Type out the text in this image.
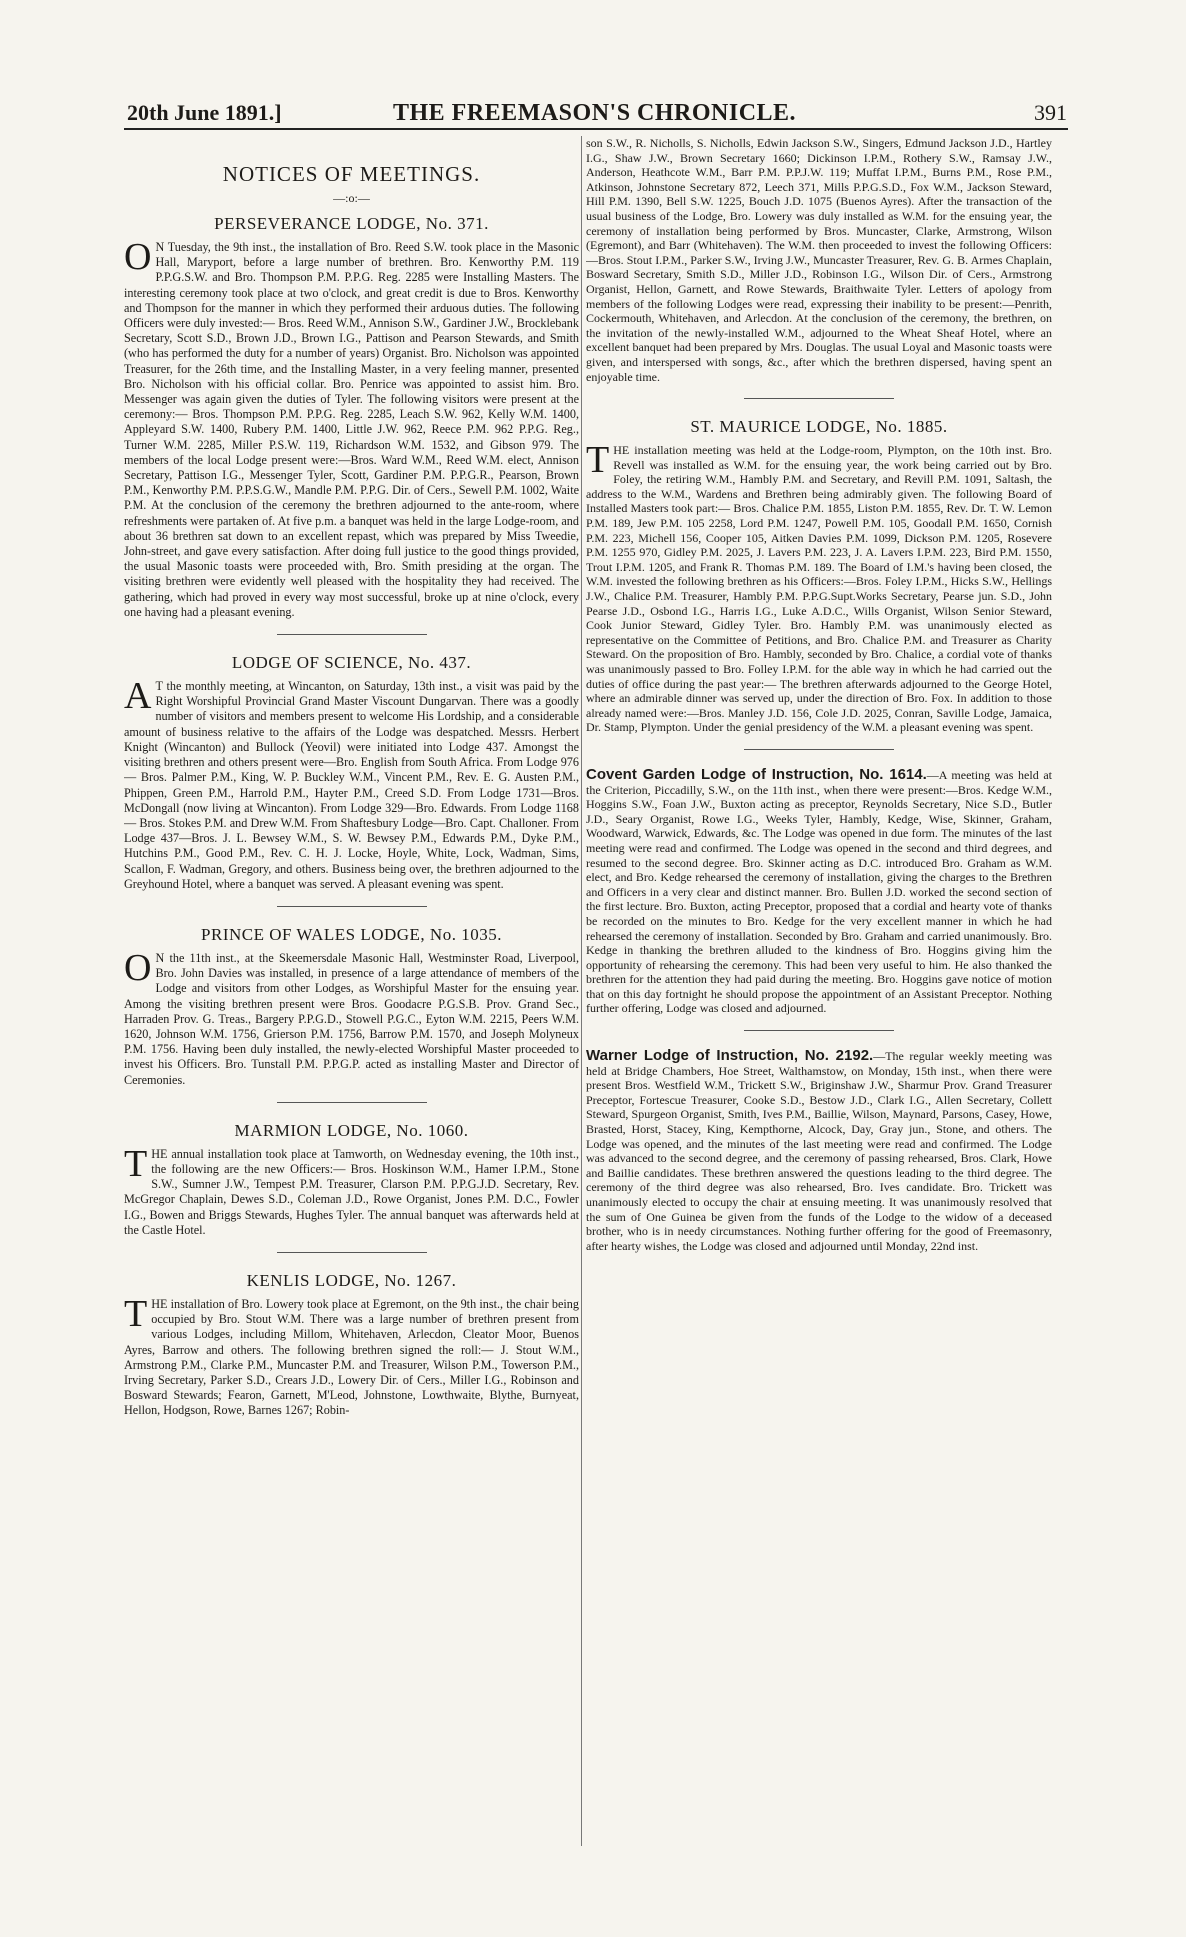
20th June 1891.]	THE FREEMASON'S CHRONICLE.	391
NOTICES OF MEETINGS.
—:o:—
PERSEVERANCE LODGE, No. 371.

O N Tuesday, the 9th inst., the installation of Bro. Reed S.W. took place in the Masonic Hall, Maryport, before a large number of brethren. Bro. Kenworthy P.M. 119 P.P.G.S.W. and Bro. Thompson P.M. P.P.G. Reg. 2285 were Installing Masters. The interesting ceremony took place at two o'clock, and great credit is due to Bros. Kenworthy and Thompson for the manner in which they performed their arduous duties. The following Officers were duly invested:— Bros. Reed W.M., Annison S.W., Gardiner J.W., Brocklebank Secretary, Scott S.D., Brown J.D., Brown I.G., Pattison and Pearson Stewards, and Smith (who has performed the duty for a number of years) Organist. Bro. Nicholson was appointed Treasurer, for the 26th time, and the Installing Master, in a very feeling manner, presented Bro. Nicholson with his official collar. Bro. Penrice was appointed to assist him. Bro. Messenger was again given the duties of Tyler. The following visitors were present at the ceremony:— Bros. Thompson P.M. P.P.G. Reg. 2285, Leach S.W. 962, Kelly W.M. 1400, Appleyard S.W. 1400, Rubery P.M. 1400, Little J.W. 962, Reece P.M. 962 P.P.G. Reg., Turner W.M. 2285, Miller P.S.W. 119, Richardson W.M. 1532, and Gibson 979. The members of the local Lodge present were:—Bros. Ward W.M., Reed W.M. elect, Annison Secretary, Pattison I.G., Messenger Tyler, Scott, Gardiner P.M. P.P.G.R., Pearson, Brown P.M., Kenworthy P.M. P.P.S.G.W., Mandle P.M. P.P.G. Dir. of Cers., Sewell P.M. 1002, Waite P.M. At the conclusion of the ceremony the brethren adjourned to the ante-room, where refreshments were partaken of. At five p.m. a banquet was held in the large Lodge-room, and about 36 brethren sat down to an excellent repast, which was prepared by Miss Tweedie, John-street, and gave every satisfaction. After doing full justice to the good things provided, the usual Masonic toasts were proceeded with, Bro. Smith presiding at the organ. The visiting brethren were evidently well pleased with the hospitality they had received. The gathering, which had proved in every way most successful, broke up at nine o'clock, every one having had a pleasant evening.

LODGE OF SCIENCE, No. 437.

A T the monthly meeting, at Wincanton, on Saturday, 13th inst., a visit was paid by the Right Worshipful Provincial Grand Master Viscount Dungarvan. There was a goodly number of visitors and members present to welcome His Lordship, and a considerable amount of business relative to the affairs of the Lodge was despatched. Messrs. Herbert Knight (Wincanton) and Bullock (Yeovil) were initiated into Lodge 437. Amongst the visiting brethren and others present were—Bro. English from South Africa. From Lodge 976— Bros. Palmer P.M., King, W. P. Buckley W.M., Vincent P.M., Rev. E. G. Austen P.M., Phippen, Green P.M., Harrold P.M., Hayter P.M., Creed S.D. From Lodge 1731—Bros. McDongall (now living at Wincanton). From Lodge 329—Bro. Edwards. From Lodge 1168— Bros. Stokes P.M. and Drew W.M. From Shaftesbury Lodge—Bro. Capt. Challoner. From Lodge 437—Bros. J. L. Bewsey W.M., S. W. Bewsey P.M., Edwards P.M., Dyke P.M., Hutchins P.M., Good P.M., Rev. C. H. J. Locke, Hoyle, White, Lock, Wadman, Sims, Scallon, F. Wadman, Gregory, and others. Business being over, the brethren adjourned to the Greyhound Hotel, where a banquet was served. A pleasant evening was spent.

PRINCE OF WALES LODGE, No. 1035.

O N the 11th inst., at the Skeemersdale Masonic Hall, Westminster Road, Liverpool, Bro. John Davies was installed, in presence of a large attendance of members of the Lodge and visitors from other Lodges, as Worshipful Master for the ensuing year. Among the visiting brethren present were Bros. Goodacre P.G.S.B. Prov. Grand Sec., Harraden Prov. G. Treas., Bargery P.P.G.D., Stowell P.G.C., Eyton W.M. 2215, Peers W.M. 1620, Johnson W.M. 1756, Grierson P.M. 1756, Barrow P.M. 1570, and Joseph Molyneux P.M. 1756. Having been duly installed, the newly-elected Worshipful Master proceeded to invest his Officers. Bro. Tunstall P.M. P.P.G.P. acted as installing Master and Director of Ceremonies.

MARMION LODGE, No. 1060.

THE annual installation took place at Tamworth, on Wednesday evening, the 10th inst., the following are the new Officers:— Bros. Hoskinson W.M., Hamer I.P.M., Stone S.W., Sumner J.W., Tempest P.M. Treasurer, Clarson P.M. P.P.G.J.D. Secretary, Rev. McGregor Chaplain, Dewes S.D., Coleman J.D., Rowe Organist, Jones P.M. D.C., Fowler I.G., Bowen and Briggs Stewards, Hughes Tyler. The annual banquet was afterwards held at the Castle Hotel.

KENLIS LODGE, No. 1267.

THE installation of Bro. Lowery took place at Egremont, on the 9th inst., the chair being occupied by Bro. Stout W.M. There was a large number of brethren present from various Lodges, including Millom, Whitehaven, Arlecdon, Cleator Moor, Buenos Ayres, Barrow and others. The following brethren signed the roll:— J. Stout W.M., Armstrong P.M., Clarke P.M., Muncaster P.M. and Treasurer, Wilson P.M., Towerson P.M., Irving Secretary, Parker S.D., Crears J.D., Lowery Dir. of Cers., Miller I.G., Robinson and Bosward Stewards; Fearon, Garnett, M'Leod, Johnstone, Lowthwaite, Blythe, Burnyeat, Hellon, Hodgson, Rowe, Barnes 1267; Robin-

son S.W., R. Nicholls, S. Nicholls, Edwin Jackson S.W., Singers, Edmund Jackson J.D., Hartley I.G., Shaw J.W., Brown Secretary 1660; Dickinson I.P.M., Rothery S.W., Ramsay J.W., Anderson, Heathcote W.M., Barr P.M. P.P.J.W. 119; Muffat I.P.M., Burns P.M., Rose P.M., Atkinson, Johnstone Secretary 872, Leech 371, Mills P.P.G.S.D., Fox W.M., Jackson Steward, Hill P.M. 1390, Bell S.W. 1225, Bouch J.D. 1075 (Buenos Ayres). After the transaction of the usual business of the Lodge, Bro. Lowery was duly installed as W.M. for the ensuing year, the ceremony of installation being performed by Bros. Muncaster, Clarke, Armstrong, Wilson (Egremont), and Barr (Whitehaven). The W.M. then proceeded to invest the following Officers:—Bros. Stout I.P.M., Parker S.W., Irving J.W., Muncaster Treasurer, Rev. G. B. Armes Chaplain, Bosward Secretary, Smith S.D., Miller J.D., Robinson I.G., Wilson Dir. of Cers., Armstrong Organist, Hellon, Garnett, and Rowe Stewards, Braithwaite Tyler. Letters of apology from members of the following Lodges were read, expressing their inability to be present:—Penrith, Cockermouth, Whitehaven, and Arlecdon. At the conclusion of the ceremony, the brethren, on the invitation of the newly-installed W.M., adjourned to the Wheat Sheaf Hotel, where an excellent banquet had been prepared by Mrs. Douglas. The usual Loyal and Masonic toasts were given, and interspersed with songs, &c., after which the brethren dispersed, having spent an enjoyable time.

ST. MAURICE LODGE, No. 1885.

THE installation meeting was held at the Lodge-room, Plympton, on the 10th inst. Bro. Revell was installed as W.M. for the ensuing year, the work being carried out by Bro. Foley, the retiring W.M., Hambly P.M. and Secretary, and Revill P.M. 1091, Saltash, the address to the W.M., Wardens and Brethren being admirably given. The following Board of Installed Masters took part:— Bros. Chalice P.M. 1855, Liston P.M. 1855, Rev. Dr. T. W. Lemon P.M. 189, Jew P.M. 105 2258, Lord P.M. 1247, Powell P.M. 105, Goodall P.M. 1650, Cornish P.M. 223, Michell 156, Cooper 105, Aitken Davies P.M. 1099, Dickson P.M. 1205, Rosevere P.M. 1255 970, Gidley P.M. 2025, J. Lavers P.M. 223, J. A. Lavers I.P.M. 223, Bird P.M. 1550, Trout I.P.M. 1205, and Frank R. Thomas P.M. 189. The Board of I.M.'s having been closed, the W.M. invested the following brethren as his Officers:—Bros. Foley I.P.M., Hicks S.W., Hellings J.W., Chalice P.M. Treasurer, Hambly P.M. P.P.G.Supt.Works Secretary, Pearse jun. S.D., John Pearse J.D., Osbond I.G., Harris I.G., Luke A.D.C., Wills Organist, Wilson Senior Steward, Cook Junior Steward, Gidley Tyler. Bro. Hambly P.M. was unanimously elected as representative on the Committee of Petitions, and Bro. Chalice P.M. and Treasurer as Charity Steward. On the proposition of Bro. Hambly, seconded by Bro. Chalice, a cordial vote of thanks was unanimously passed to Bro. Folley I.P.M. for the able way in which he had carried out the duties of office during the past year:— The brethren afterwards adjourned to the George Hotel, where an admirable dinner was served up, under the direction of Bro. Fox. In addition to those already named were:—Bros. Manley J.D. 156, Cole J.D. 2025, Conran, Saville Lodge, Jamaica, Dr. Stamp, Plympton. Under the genial presidency of the W.M. a pleasant evening was spent.

Covent Garden Lodge of Instruction, No. 1614.—A meeting was held at the Criterion, Piccadilly, S.W., on the 11th inst., when there were present:—Bros. Kedge W.M., Hoggins S.W., Foan J.W., Buxton acting as preceptor, Reynolds Secretary, Nice S.D., Butler J.D., Seary Organist, Rowe I.G., Weeks Tyler, Hambly, Kedge, Wise, Skinner, Graham, Woodward, Warwick, Edwards, &c. The Lodge was opened in due form. The minutes of the last meeting were read and confirmed. The Lodge was opened in the second and third degrees, and resumed to the second degree. Bro. Skinner acting as D.C. introduced Bro. Graham as W.M. elect, and Bro. Kedge rehearsed the ceremony of installation, giving the charges to the Brethren and Officers in a very clear and distinct manner. Bro. Bullen J.D. worked the second section of the first lecture. Bro. Buxton, acting Preceptor, proposed that a cordial and hearty vote of thanks be recorded on the minutes to Bro. Kedge for the very excellent manner in which he had rehearsed the ceremony of installation. Seconded by Bro. Graham and carried unanimously. Bro. Kedge in thanking the brethren alluded to the kindness of Bro. Hoggins giving him the opportunity of rehearsing the ceremony. This had been very useful to him. He also thanked the brethren for the attention they had paid during the meeting. Bro. Hoggins gave notice of motion that on this day fortnight he should propose the appointment of an Assistant Preceptor. Nothing further offering, Lodge was closed and adjourned.

Warner Lodge of Instruction, No. 2192.—The regular weekly meeting was held at Bridge Chambers, Hoe Street, Walthamstow, on Monday, 15th inst., when there were present Bros. Westfield W.M., Trickett S.W., Briginshaw J.W., Sharmur Prov. Grand Treasurer Preceptor, Fortescue Treasurer, Cooke S.D., Bestow J.D., Clark I.G., Allen Secretary, Collett Steward, Spurgeon Organist, Smith, Ives P.M., Baillie, Wilson, Maynard, Parsons, Casey, Howe, Brasted, Horst, Stacey, King, Kempthorne, Alcock, Day, Gray jun., Stone, and others. The Lodge was opened, and the minutes of the last meeting were read and confirmed. The Lodge was advanced to the second degree, and the ceremony of passing rehearsed, Bros. Clark, Howe and Baillie candidates. These brethren answered the questions leading to the third degree. The ceremony of the third degree was also rehearsed, Bro. Ives candidate. Bro. Trickett was unanimously elected to occupy the chair at ensuing meeting. It was unanimously resolved that the sum of One Guinea be given from the funds of the Lodge to the widow of a deceased brother, who is in needy circumstances. Nothing further offering for the good of Freemasonry, after hearty wishes, the Lodge was closed and adjourned until Monday, 22nd inst.
